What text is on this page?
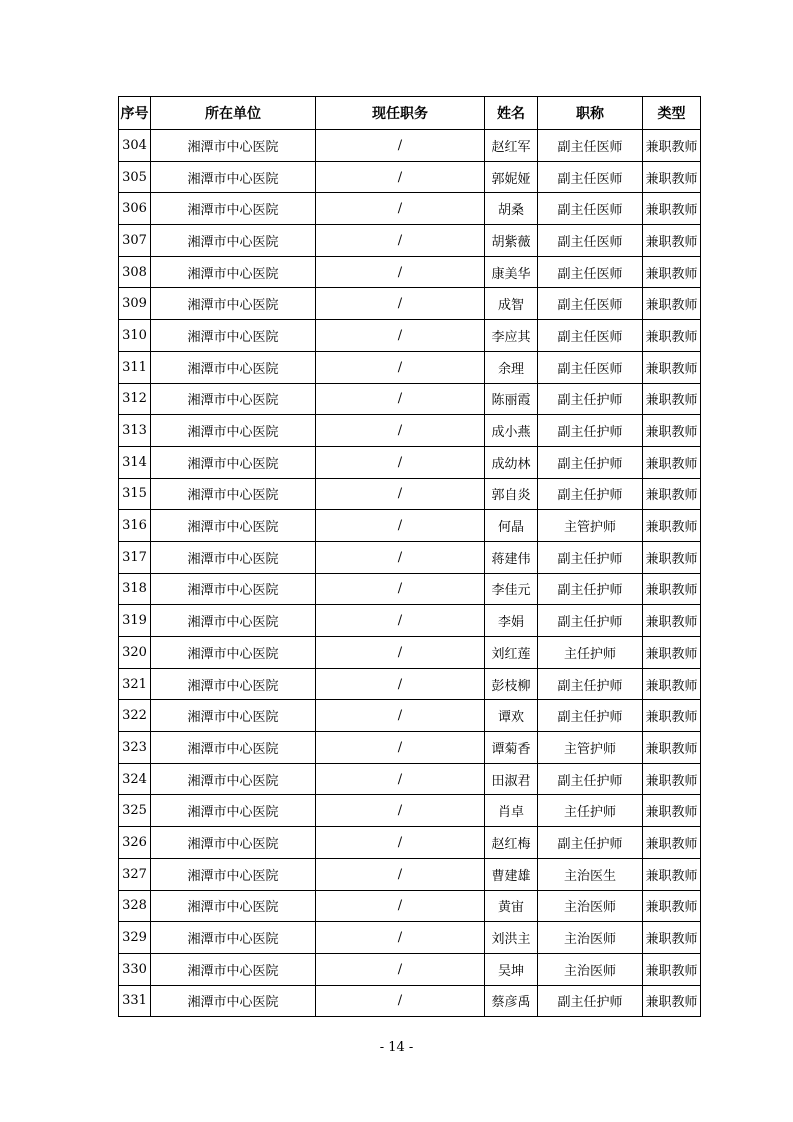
序号	所在单位	现任职务	姓名	职称	类型
304	湘潭市中心医院	/	赵红军	副主任医师	兼职教师
305	湘潭市中心医院	/	郭妮娅	副主任医师	兼职教师
306	湘潭市中心医院	/	胡桑	副主任医师	兼职教师
307	湘潭市中心医院	/	胡紫薇	副主任医师	兼职教师
308	湘潭市中心医院	/	康美华	副主任医师	兼职教师
309	湘潭市中心医院	/	成智	副主任医师	兼职教师
310	湘潭市中心医院	/	李应其	副主任医师	兼职教师
311	湘潭市中心医院	/	余理	副主任医师	兼职教师
312	湘潭市中心医院	/	陈丽霞	副主任护师	兼职教师
313	湘潭市中心医院	/	成小燕	副主任护师	兼职教师
314	湘潭市中心医院	/	成幼林	副主任护师	兼职教师
315	湘潭市中心医院	/	郭自炎	副主任护师	兼职教师
316	湘潭市中心医院	/	何晶	主管护师	兼职教师
317	湘潭市中心医院	/	蒋建伟	副主任护师	兼职教师
318	湘潭市中心医院	/	李佳元	副主任护师	兼职教师
319	湘潭市中心医院	/	李娟	副主任护师	兼职教师
320	湘潭市中心医院	/	刘红莲	主任护师	兼职教师
321	湘潭市中心医院	/	彭枝柳	副主任护师	兼职教师
322	湘潭市中心医院	/	谭欢	副主任护师	兼职教师
323	湘潭市中心医院	/	谭菊香	主管护师	兼职教师
324	湘潭市中心医院	/	田淑君	副主任护师	兼职教师
325	湘潭市中心医院	/	肖卓	主任护师	兼职教师
326	湘潭市中心医院	/	赵红梅	副主任护师	兼职教师
327	湘潭市中心医院	/	曹建雄	主治医生	兼职教师
328	湘潭市中心医院	/	黄宙	主治医师	兼职教师
329	湘潭市中心医院	/	刘洪主	主治医师	兼职教师
330	湘潭市中心医院	/	吴坤	主治医师	兼职教师
331	湘潭市中心医院	/	蔡彦禹	副主任护师	兼职教师
- 14 -
